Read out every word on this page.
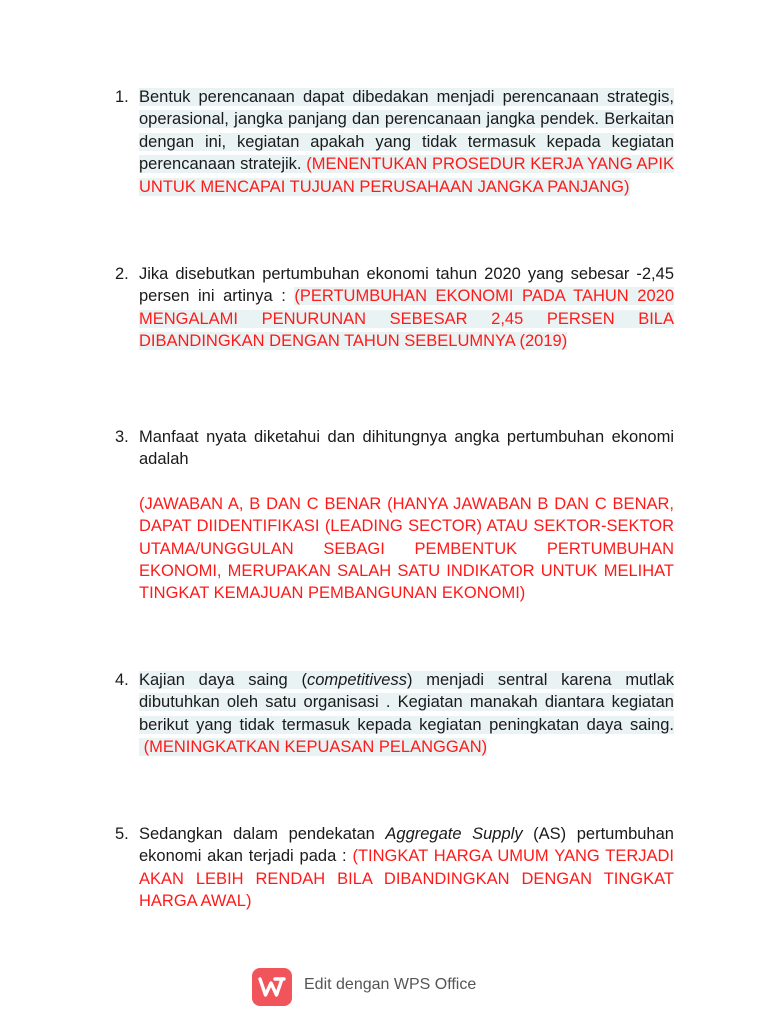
1. Bentuk perencanaan dapat dibedakan menjadi perencanaan strategis, operasional, jangka panjang dan perencanaan jangka pendek. Berkaitan dengan ini, kegiatan apakah yang tidak termasuk kepada kegiatan perencanaan stratejik. (MENENTUKAN PROSEDUR KERJA YANG APIK UNTUK MENCAPAI TUJUAN PERUSAHAAN JANGKA PANJANG)
2. Jika disebutkan pertumbuhan ekonomi tahun 2020 yang sebesar -2,45 persen ini artinya : (PERTUMBUHAN EKONOMI PADA TAHUN 2020 MENGALAMI PENURUNAN SEBESAR 2,45 PERSEN BILA DIBANDINGKAN DENGAN TAHUN SEBELUMNYA (2019)
3. Manfaat nyata diketahui dan dihitungnya angka pertumbuhan ekonomi adalah
(JAWABAN A, B DAN C BENAR (HANYA JAWABAN B DAN C BENAR, DAPAT DIIDENTIFIKASI (LEADING SECTOR) ATAU SEKTOR-SEKTOR UTAMA/UNGGULAN SEBAGI PEMBENTUK PERTUMBUHAN EKONOMI, MERUPAKAN SALAH SATU INDIKATOR UNTUK MELIHAT TINGKAT KEMAJUAN PEMBANGUNAN EKONOMI)
4. Kajian daya saing (competitivess) menjadi sentral karena mutlak dibutuhkan oleh satu organisasi . Kegiatan manakah diantara kegiatan berikut yang tidak termasuk kepada kegiatan peningkatan daya saing. (MENINGKATKAN KEPUASAN PELANGGAN)
5. Sedangkan dalam pendekatan Aggregate Supply (AS) pertumbuhan ekonomi akan terjadi pada : (TINGKAT HARGA UMUM YANG TERJADI AKAN LEBIH RENDAH BILA DIBANDINGKAN DENGAN TINGKAT HARGA AWAL)
Edit dengan WPS Office
